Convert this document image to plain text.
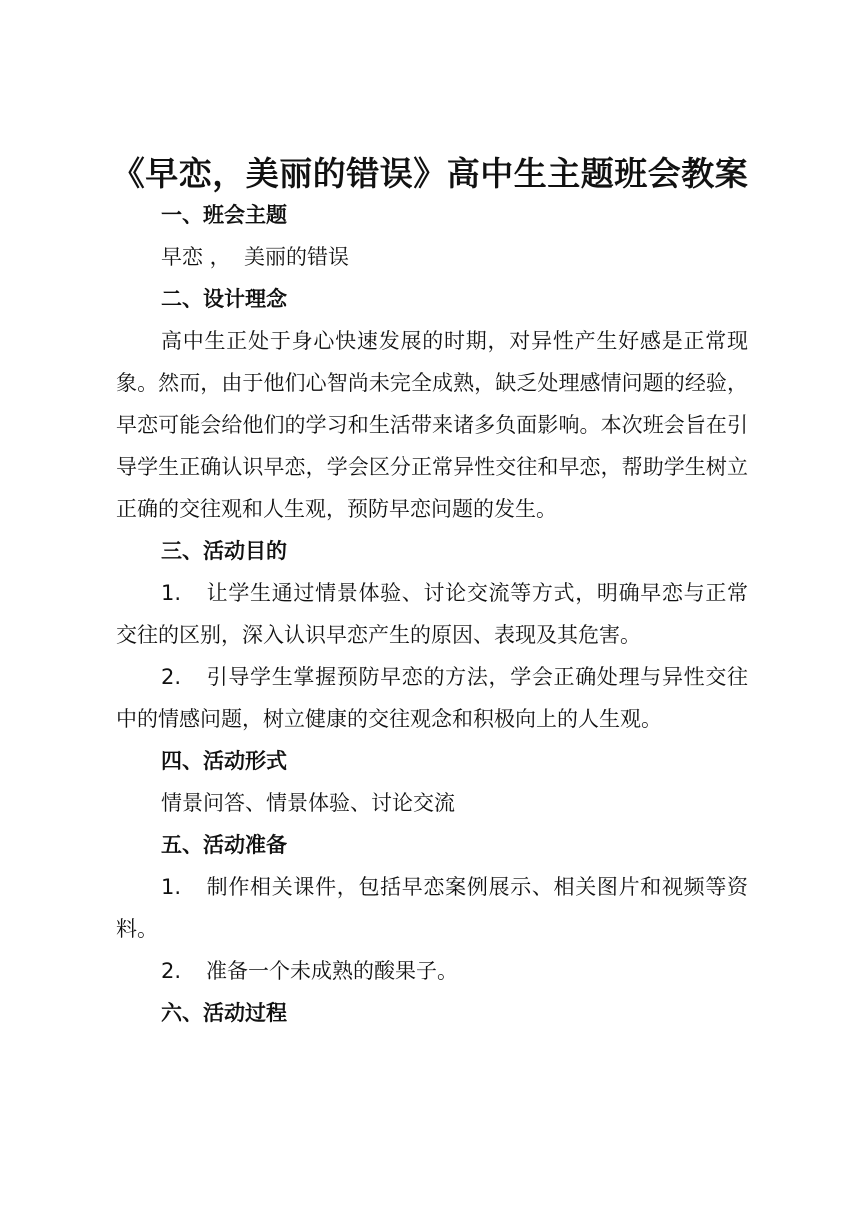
《早恋，美丽的错误》高中生主题班会教案
一、班会主题
早恋 ，  美丽的错误
二、设计理念
高中生正处于身心快速发展的时期，对异性产生好感是正常现象。然而，由于他们心智尚未完全成熟，缺乏处理感情问题的经验，早恋可能会给他们的学习和生活带来诸多负面影响。本次班会旨在引导学生正确认识早恋，学会区分正常异性交往和早恋，帮助学生树立正确的交往观和人生观，预防早恋问题的发生。
三、活动目的
1. 让学生通过情景体验、讨论交流等方式，明确早恋与正常交往的区别，深入认识早恋产生的原因、表现及其危害。
2. 引导学生掌握预防早恋的方法，学会正确处理与异性交往中的情感问题，树立健康的交往观念和积极向上的人生观。
四、活动形式
情景问答、情景体验、讨论交流
五、活动准备
1. 制作相关课件，包括早恋案例展示、相关图片和视频等资料。
2. 准备一个未成熟的酸果子。
六、活动过程
